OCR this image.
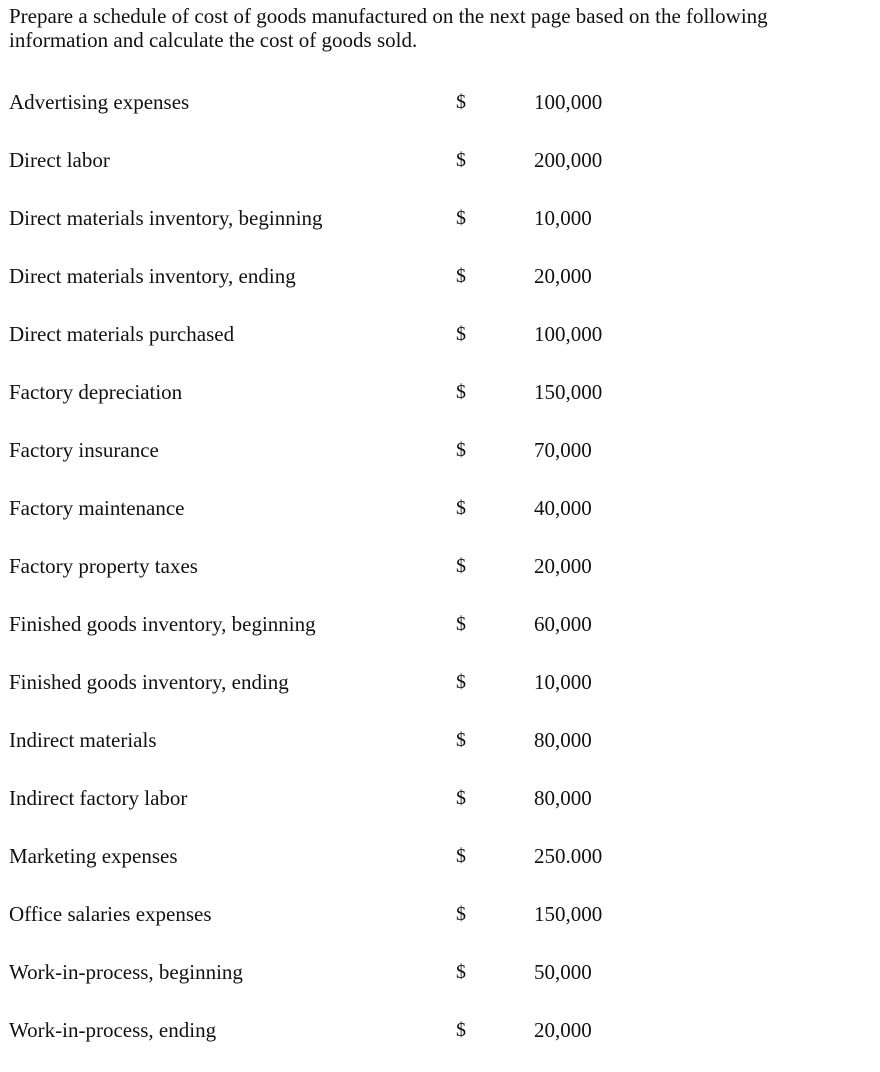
Prepare a schedule of cost of goods manufactured on the next page based on the following information and calculate the cost of goods sold.

Advertising expenses	$	100,000
Direct labor	$	200,000
Direct materials inventory, beginning	$	10,000
Direct materials inventory, ending	$	20,000
Direct materials purchased	$	100,000
Factory depreciation	$	150,000
Factory insurance	$	70,000
Factory maintenance	$	40,000
Factory property taxes	$	20,000
Finished goods inventory, beginning	$	60,000
Finished goods inventory, ending	$	10,000
Indirect materials	$	80,000
Indirect factory labor	$	80,000
Marketing expenses	$	250.000
Office salaries expenses	$	150,000
Work-in-process, beginning	$	50,000
Work-in-process, ending	$	20,000
